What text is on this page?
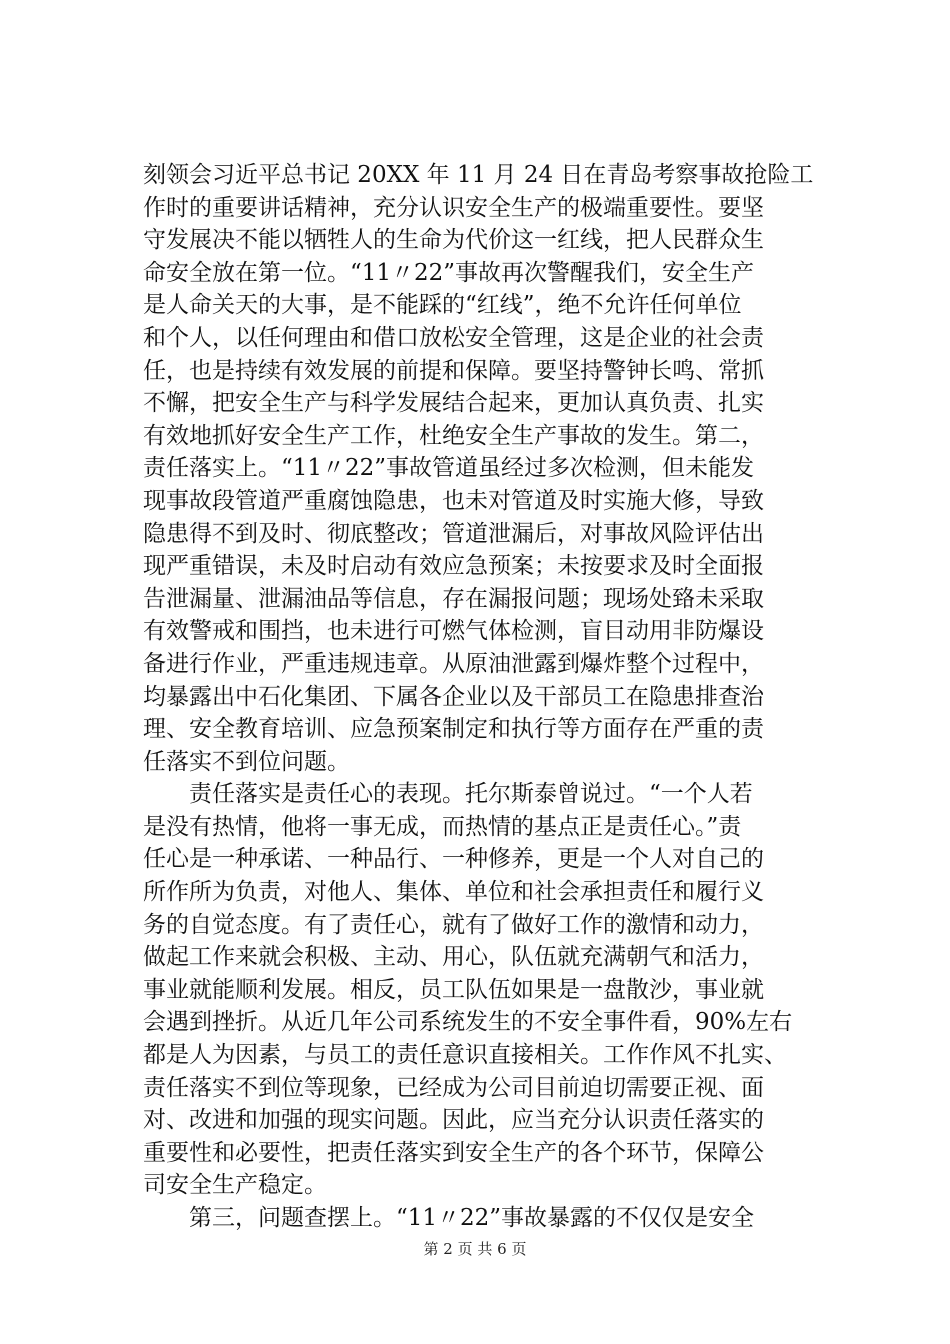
刻领会习近平总书记 20XX 年 11 月 24 日在青岛考察事故抢险工
作时的重要讲话精神，充分认识安全生产的极端重要性。要坚
守发展决不能以牺牲人的生命为代价这一红线，把人民群众生
命安全放在第一位。“11〃22”事故再次警醒我们，安全生产
是人命关天的大事，是不能踩的“红线”，绝不允许任何单位
和个人，以任何理由和借口放松安全管理，这是企业的社会责
任，也是持续有效发展的前提和保障。要坚持警钟长鸣、常抓
不懈，把安全生产与科学发展结合起来，更加认真负责、扎实
有效地抓好安全生产工作，杜绝安全生产事故的发生。第二，
责任落实上。“11〃22”事故管道虽经过多次检测，但未能发
现事故段管道严重腐蚀隐患，也未对管道及时实施大修，导致
隐患得不到及时、彻底整改；管道泄漏后，对事故风险评估出
现严重错误，未及时启动有效应急预案；未按要求及时全面报
告泄漏量、泄漏油品等信息，存在漏报问题；现场处臵未采取
有效警戒和围挡，也未进行可燃气体检测，盲目动用非防爆设
备进行作业，严重违规违章。从原油泄露到爆炸整个过程中，
均暴露出中石化集团、下属各企业以及干部员工在隐患排查治
理、安全教育培训、应急预案制定和执行等方面存在严重的责
任落实不到位问题。
　　责任落实是责任心的表现。托尔斯泰曾说过。“一个人若
是没有热情，他将一事无成，而热情的基点正是责任心。”责
任心是一种承诺、一种品行、一种修养，更是一个人对自己的
所作所为负责，对他人、集体、单位和社会承担责任和履行义
务的自觉态度。有了责任心，就有了做好工作的激情和动力，
做起工作来就会积极、主动、用心，队伍就充满朝气和活力，
事业就能顺利发展。相反，员工队伍如果是一盘散沙，事业就
会遇到挫折。从近几年公司系统发生的不安全事件看，90%左右
都是人为因素，与员工的责任意识直接相关。工作作风不扎实、
责任落实不到位等现象，已经成为公司目前迫切需要正视、面
对、改进和加强的现实问题。因此，应当充分认识责任落实的
重要性和必要性，把责任落实到安全生产的各个环节，保障公
司安全生产稳定。
　　第三，问题查摆上。“11〃22”事故暴露的不仅仅是安全
第 2 页 共 6 页
